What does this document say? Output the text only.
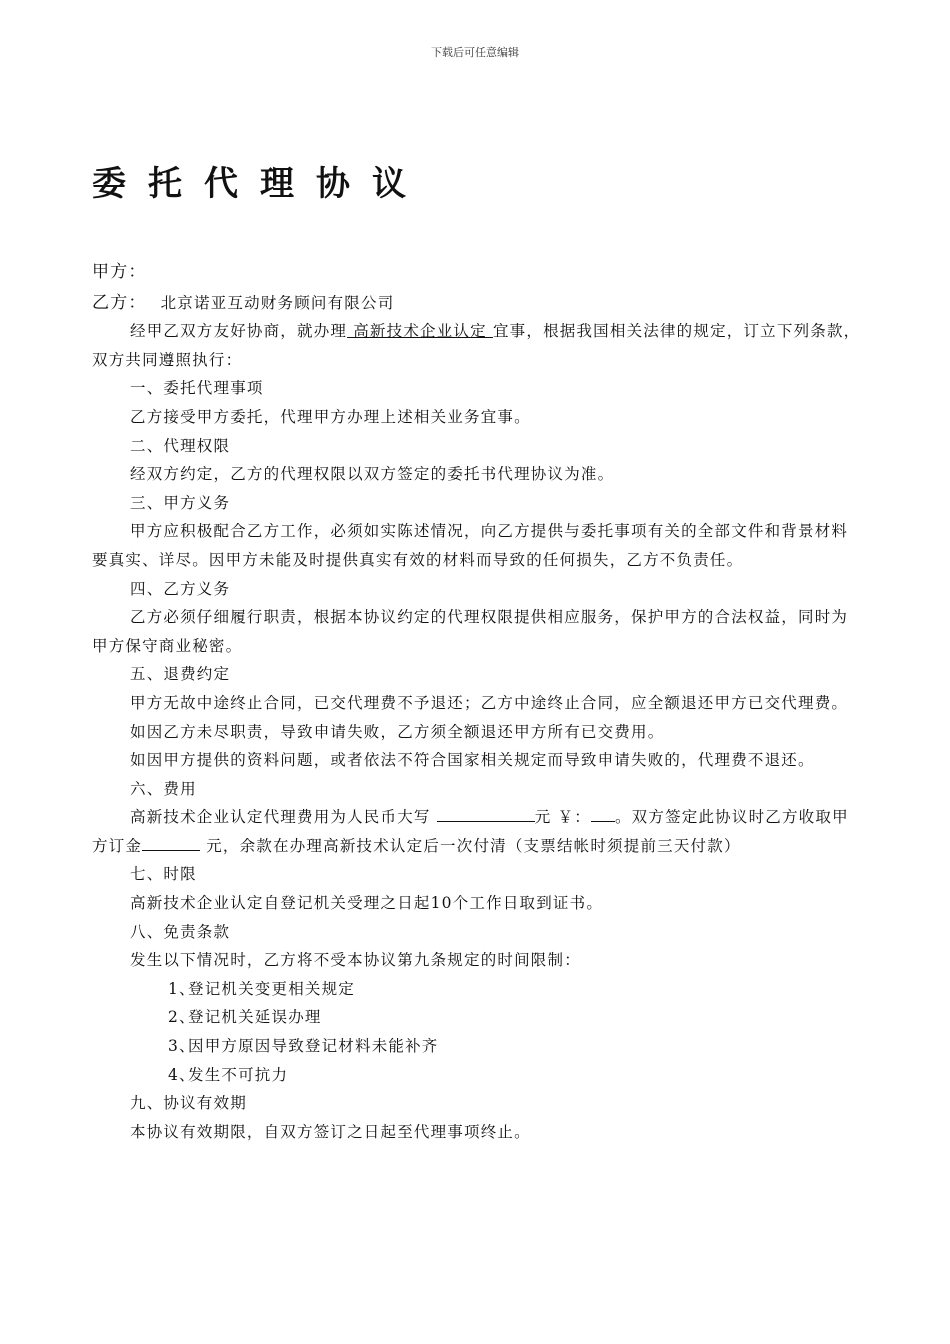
下载后可任意编辑
委托代理协议

甲方：

乙方： 北京诺亚互动财务顾问有限公司

经甲乙双方友好协商，就办理 高新技术企业认定 宜事，根据我国相关法律的规定，订立下列条款，双方共同遵照执行：

一、委托代理事项

乙方接受甲方委托，代理甲方办理上述相关业务宜事。

二、代理权限

经双方约定，乙方的代理权限以双方签定的委托书代理协议为准。

三、甲方义务

甲方应积极配合乙方工作，必须如实陈述情况，向乙方提供与委托事项有关的全部文件和背景材料要真实、详尽。因甲方未能及时提供真实有效的材料而导致的任何损失，乙方不负责任。

四、乙方义务

乙方必须仔细履行职责，根据本协议约定的代理权限提供相应服务，保护甲方的合法权益，同时为甲方保守商业秘密。

五、退费约定

甲方无故中途终止合同，已交代理费不予退还；乙方中途终止合同，应全额退还甲方已交代理费。

如因乙方未尽职责，导致申请失败，乙方须全额退还甲方所有已交费用。

如因甲方提供的资料问题，或者依法不符合国家相关规定而导致申请失败的，代理费不退还。

六、费用

高新技术企业认定代理费用为人民币大写	元 ￥： 。双方签定此协议时乙方收取甲方订金	元，余款在办理高新技术认定后一次付清（支票结帐时须提前三天付款）

七、时限

高新技术企业认定自登记机关受理之日起10个工作日取到证书。

八、免责条款

发生以下情况时，乙方将不受本协议第九条规定的时间限制：

1、登记机关变更相关规定

2、登记机关延误办理

3、因甲方原因导致登记材料未能补齐

4、发生不可抗力

九、协议有效期

本协议有效期限，自双方签订之日起至代理事项终止。
